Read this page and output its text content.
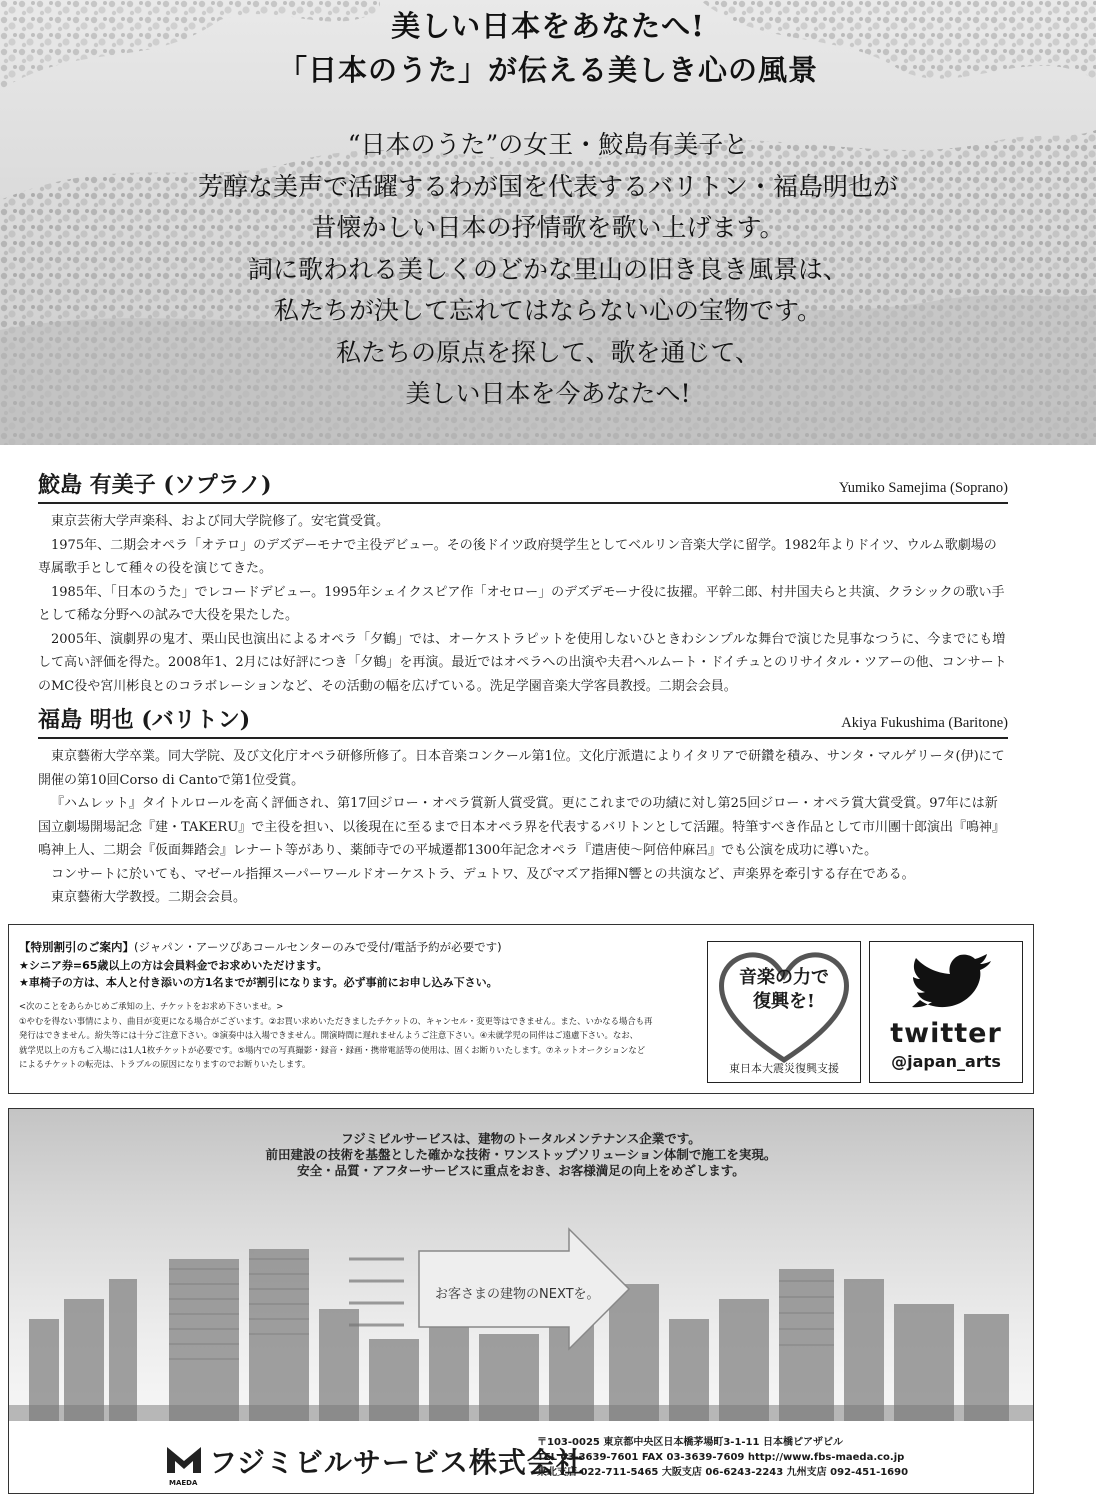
美しい日本をあなたへ!
「日本のうた」が伝える美しき心の風景
“日本のうた”の女王・鮫島有美子と
芳醇な美声で活躍するわが国を代表するバリトン・福島明也が
昔懐かしい日本の抒情歌を歌い上げます。
詞に歌われる美しくのどかな里山の旧き良き風景は、
私たちが決して忘れてはならない心の宝物です。
私たちの原点を探して、歌を通じて、
美しい日本を今あなたへ!
鮫島 有美子 (ソプラノ)	Yumiko Samejima (Soprano)

東京芸術大学声楽科、および同大学院修了。安宅賞受賞。

1975年、二期会オペラ「オテロ」のデズデーモナで主役デビュー。その後ドイツ政府奨学生としてベルリン音楽大学に留学。1982年よりドイツ、ウルム歌劇場の専属歌手として種々の役を演じてきた。

1985年、「日本のうた」でレコードデビュー。1995年シェイクスピア作「オセロー」のデズデモーナ役に抜擢。平幹二郎、村井国夫らと共演、クラシックの歌い手として稀な分野への試みで大役を果たした。

2005年、演劇界の鬼才、栗山民也演出によるオペラ「夕鶴」では、オーケストラピットを使用しないひときわシンプルな舞台で演じた見事なつうに、今までにも増して高い評価を得た。2008年1、2月には好評につき「夕鶴」を再演。最近ではオペラへの出演や夫君ヘルムート・ドイチュとのリサイタル・ツアーの他、コンサートのMC役や宮川彬良とのコラボレーションなど、その活動の幅を広げている。洗足学園音楽大学客員教授。二期会会員。

福島 明也 (バリトン)	Akiya Fukushima (Baritone)

東京藝術大学卒業。同大学院、及び文化庁オペラ研修所修了。日本音楽コンクール第1位。文化庁派遣によりイタリアで研鑽を積み、サンタ・マルゲリータ(伊)にて開催の第10回Corso di Cantoで第1位受賞。

『ハムレット』タイトルロールを高く評価され、第17回ジロー・オペラ賞新人賞受賞。更にこれまでの功績に対し第25回ジロー・オペラ賞大賞受賞。97年には新国立劇場開場記念『建・TAKERU』で主役を担い、以後現在に至るまで日本オペラ界を代表するバリトンとして活躍。特筆すべき作品として市川團十郎演出『鳴神』鳴神上人、二期会『仮面舞踏会』レナート等があり、薬師寺での平城遷都1300年記念オペラ『遣唐使〜阿倍仲麻呂』でも公演を成功に導いた。

コンサートに於いても、マゼール指揮スーパーワールドオーケストラ、デュトワ、及びマズア指揮N響との共演など、声楽界を牽引する存在である。

東京藝術大学教授。二期会会員。

【特別割引のご案内】(ジャパン・アーツぴあコールセンターのみで受付/電話予約が必要です)
★シニア券=65歳以上の方は会員料金でお求めいただけます。
★車椅子の方は、本人と付き添いの方1名までが割引になります。必ず事前にお申し込み下さい。
<次のことをあらかじめご承知の上、チケットをお求め下さいませ。>
①やむを得ない事情により、曲目が変更になる場合がございます。②お買い求めいただきましたチケットの、キャンセル・変更等はできません。また、いかなる場合も再
発行はできません。紛失等には十分ご注意下さい。③演奏中は入場できません。開演時間に遅れませんようご注意下さい。④未就学児の同伴はご遠慮下さい。なお、
就学児以上の方もご入場には1人1枚チケットが必要です。⑤場内での写真撮影・録音・録画・携帯電話等の使用は、固くお断りいたします。⑦ネットオークションなど
によるチケットの転売は、トラブルの原因になりますのでお断りいたします。
音楽の力で
復興を!
東日本大震災復興支援
twitter
@japan_arts
フジミビルサービスは、建物のトータルメンテナンス企業です。
前田建設の技術を基盤とした確かな技術・ワンストップソリューション体制で施工を実現。
安全・品質・アフターサービスに重点をおき、お客様満足の向上をめざします。
お客さまの建物のNEXTを。
MAEDA
フジミビルサービス株式会社
〒103-0025 東京都中央区日本橋茅場町3-1-11 日本橋ピアザビル
TEL 03-3639-7601 FAX 03-3639-7609 http://www.fbs-maeda.co.jp
東北支店 022-711-5465 大阪支店 06-6243-2243 九州支店 092-451-1690
